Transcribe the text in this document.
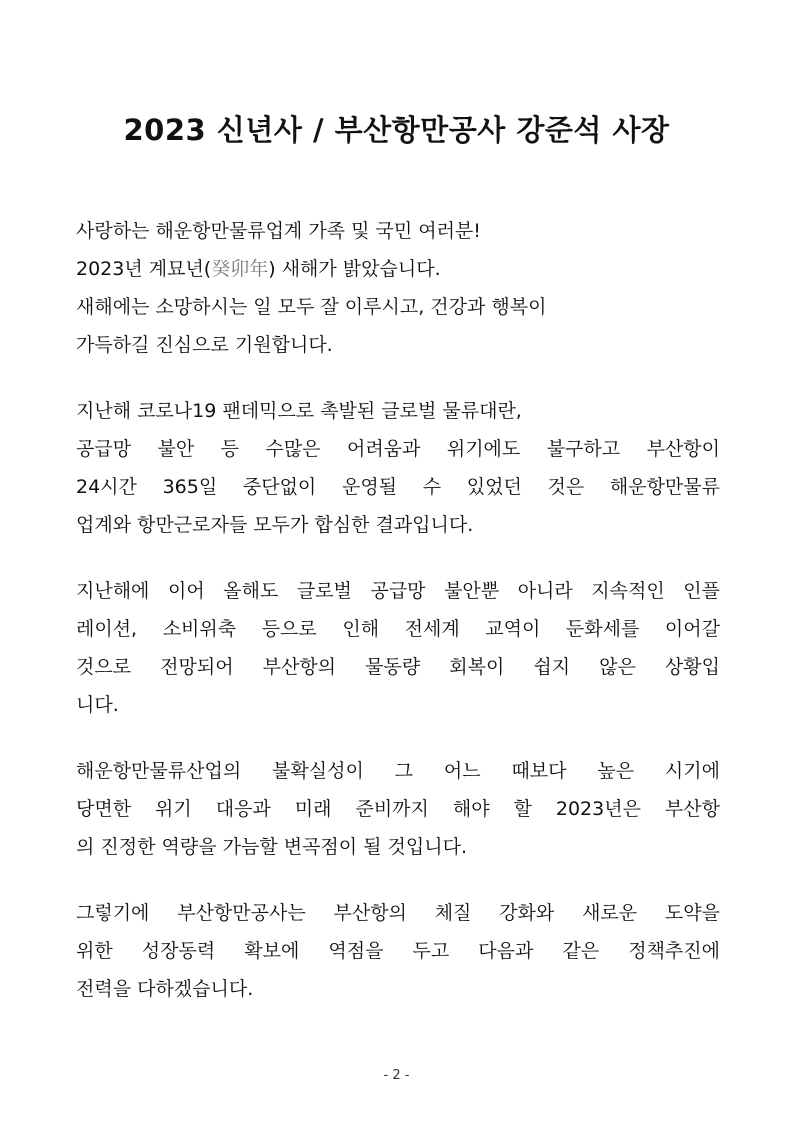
2023 신년사 / 부산항만공사 강준석 사장
사랑하는 해운항만물류업계 가족 및 국민 여러분!
2023년 계묘년(癸卯年) 새해가 밝았습니다.
새해에는 소망하시는 일 모두 잘 이루시고, 건강과 행복이
가득하길 진심으로 기원합니다.
지난해 코로나19 팬데믹으로 촉발된 글로벌 물류대란,
공급망 불안 등 수많은 어려움과 위기에도 불구하고 부산항이
24시간 365일 중단없이 운영될 수 있었던 것은 해운항만물류
업계와 항만근로자들 모두가 합심한 결과입니다.
지난해에 이어 올해도 글로벌 공급망 불안뿐 아니라 지속적인 인플
레이션, 소비위축 등으로 인해 전세계 교역이 둔화세를 이어갈
것으로 전망되어 부산항의 물동량 회복이 쉽지 않은 상황입
니다.
해운항만물류산업의 불확실성이 그 어느 때보다 높은 시기에
당면한 위기 대응과 미래 준비까지 해야 할 2023년은 부산항
의 진정한 역량을 가늠할 변곡점이 될 것입니다.
그렇기에 부산항만공사는 부산항의 체질 강화와 새로운 도약을
위한 성장동력 확보에 역점을 두고 다음과 같은 정책추진에
전력을 다하겠습니다.
- 2 -
